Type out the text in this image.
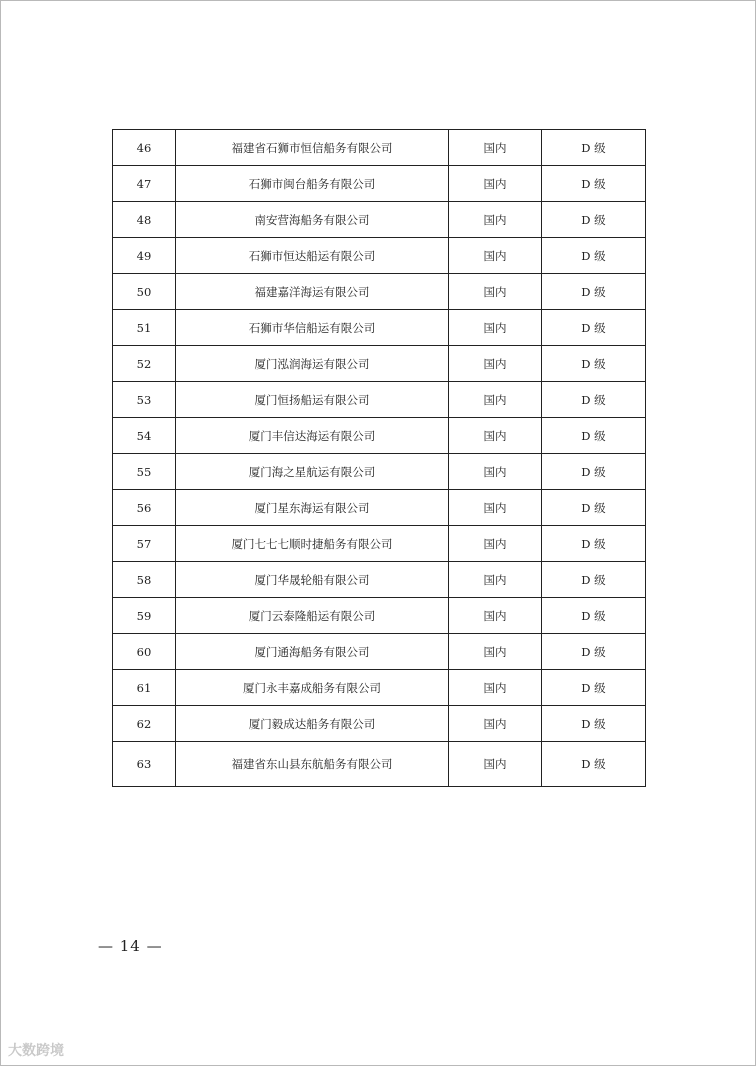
46	福建省石狮市恒信船务有限公司	国内	D 级
47	石狮市闽台船务有限公司	国内	D 级
48	南安营海船务有限公司	国内	D 级
49	石狮市恒达船运有限公司	国内	D 级
50	福建嘉洋海运有限公司	国内	D 级
51	石狮市华信船运有限公司	国内	D 级
52	厦门泓润海运有限公司	国内	D 级
53	厦门恒扬船运有限公司	国内	D 级
54	厦门丰信达海运有限公司	国内	D 级
55	厦门海之星航运有限公司	国内	D 级
56	厦门星东海运有限公司	国内	D 级
57	厦门七七七顺时捷船务有限公司	国内	D 级
58	厦门华晟轮船有限公司	国内	D 级
59	厦门云泰隆船运有限公司	国内	D 级
60	厦门通海船务有限公司	国内	D 级
61	厦门永丰嘉成船务有限公司	国内	D 级
62	厦门毅成达船务有限公司	国内	D 级
63	福建省东山县东航船务有限公司	国内	D 级
— 14 —
大数跨境
